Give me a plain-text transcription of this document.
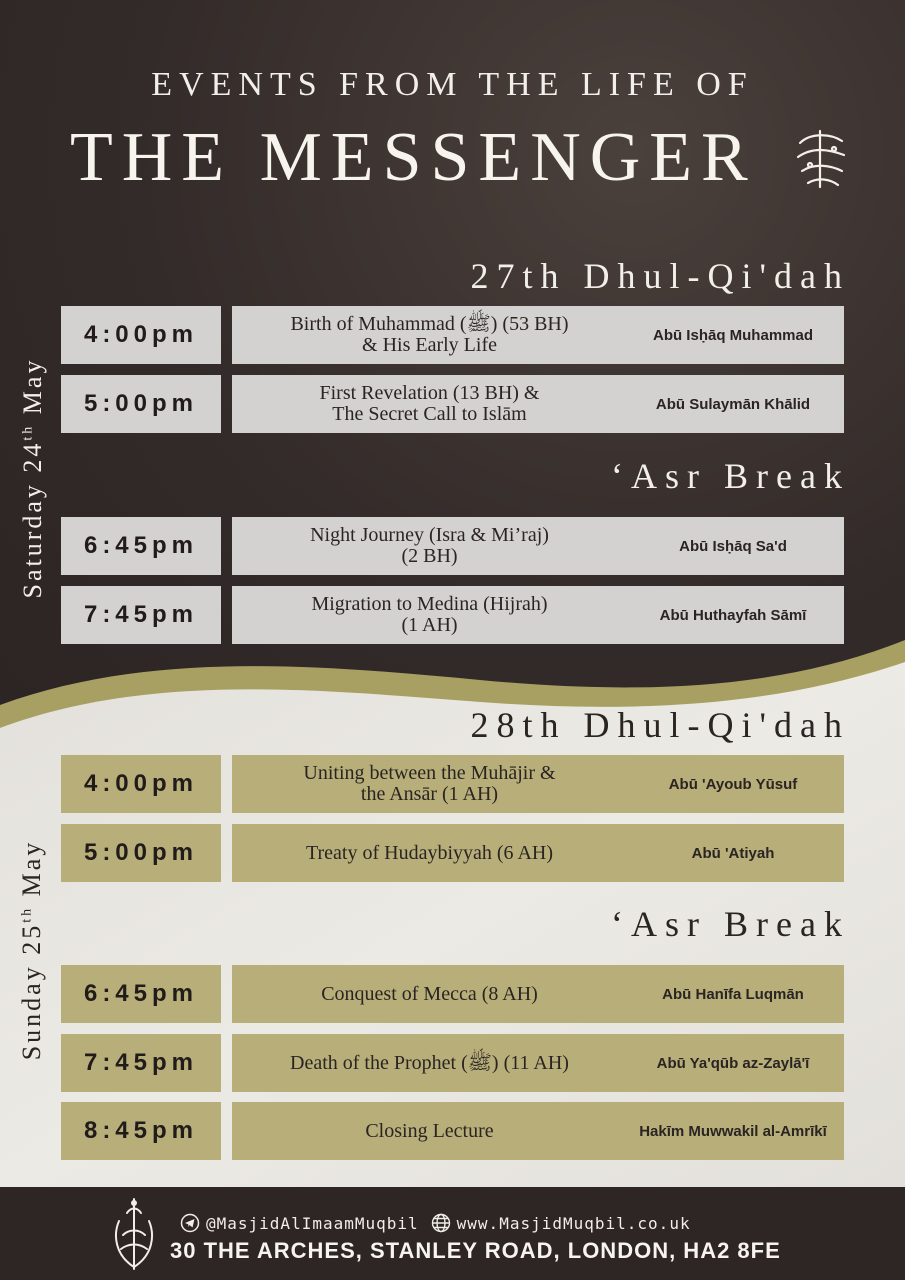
EVENTS FROM THE LIFE OF
THE MESSENGER
Saturday 24th May
27th Dhul-Qi'dah
4:00pm	Birth of Muhammad (ﷺ) (53 BH)
& His Early Life	Abū Isḥāq Muhammad
5:00pm	First Revelation (13 BH) &
The Secret Call to Islām	Abū Sulaymān Khālid
‘Asr Break
6:45pm	Night Journey (Isra & Mi’raj)
(2 BH)	Abū Isḥāq Sa'd
7:45pm	Migration to Medina (Hijrah)
(1 AH)	Abū Huthayfah Sāmī
Sunday 25th May
28th Dhul-Qi'dah
4:00pm	Uniting between the Muhājir &
the Ansār (1 AH)	Abū 'Ayoub Yūsuf
5:00pm	Treaty of Hudaybiyyah (6 AH)	Abū 'Atiyah
‘Asr Break
6:45pm	Conquest of Mecca (8 AH)	Abū Hanīfa Luqmān
7:45pm	Death of the Prophet (ﷺ) (11 AH)	Abū Ya'qūb az-Zaylā'ī
8:45pm	Closing Lecture	Hakīm Muwwakil al-Amrīkī
@MasjidAlImaamMuqbil www.MasjidMuqbil.co.uk
30 THE ARCHES, STANLEY ROAD, LONDON, HA2 8FE
